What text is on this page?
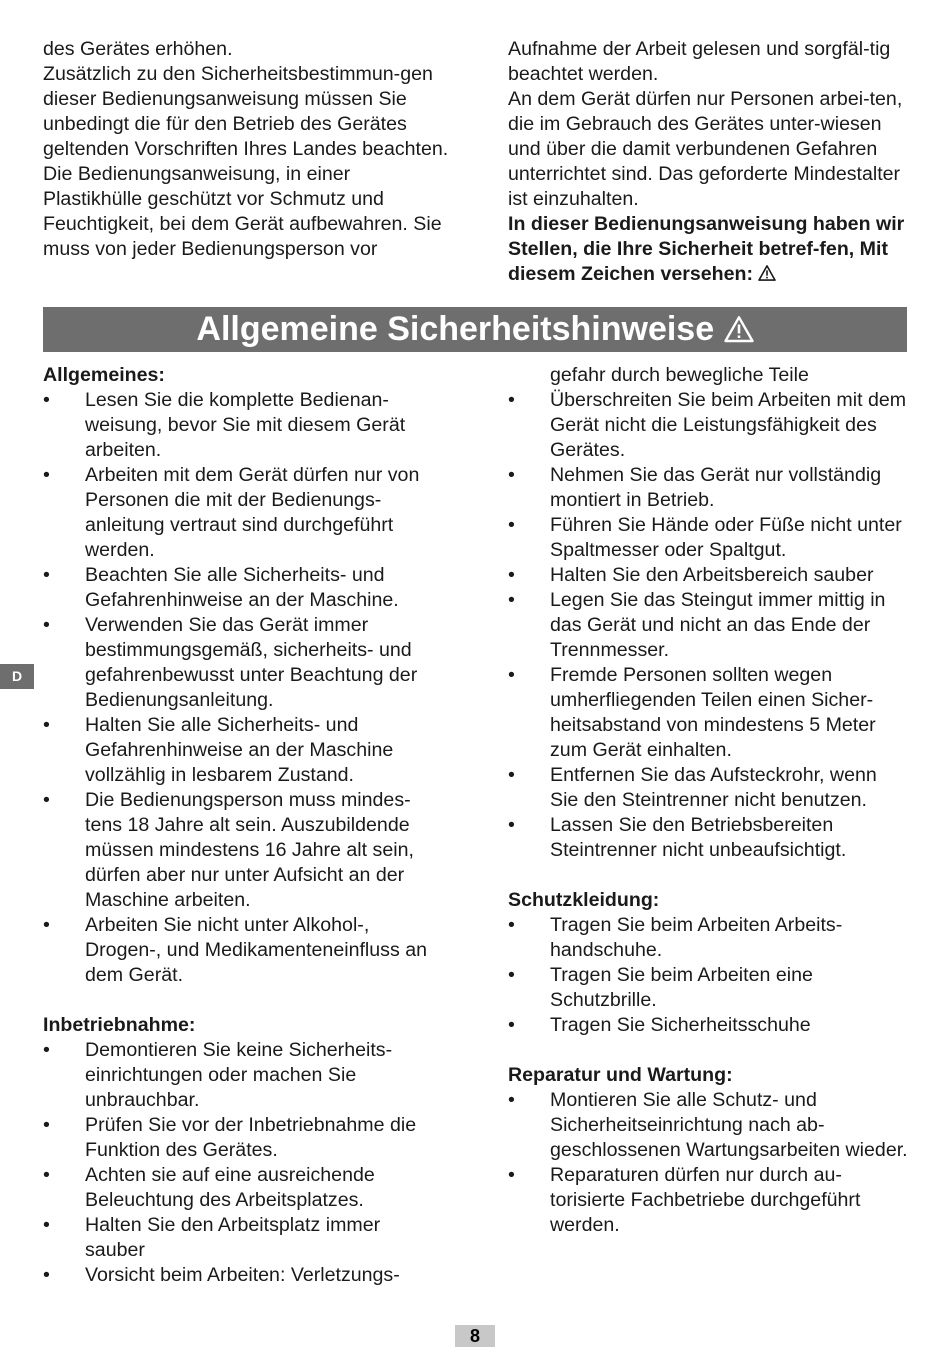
des Gerätes erhöhen.

Zusätzlich zu den Sicherheitsbestimmun-gen dieser Bedienungsanweisung müssen Sie unbedingt die für den Betrieb des Gerätes geltenden Vorschriften Ihres Landes beachten.

Die Bedienungsanweisung, in einer Plastikhülle geschützt vor Schmutz und Feuchtigkeit, bei dem Gerät aufbewahren. Sie muss von jeder Bedienungsperson vor

Aufnahme der Arbeit gelesen und sorgfäl-tig beachtet werden.

An dem Gerät dürfen nur Personen arbei-ten, die im Gebrauch des Gerätes unter-wiesen und über die damit verbundenen Gefahren unterrichtet sind. Das geforderte Mindestalter ist einzuhalten.

In dieser Bedienungsanweisung haben wir Stellen, die Ihre Sicherheit betref-fen, Mit diesem Zeichen versehen:

Allgemeine Sicherheitshinweise
D

Allgemeines:

• Lesen Sie die komplette Bedienan-weisung, bevor Sie mit diesem Gerät arbeiten.
• Arbeiten mit dem Gerät dürfen nur von Personen die mit der Bedienungs-anleitung vertraut sind durchgeführt werden.
• Beachten Sie alle Sicherheits- und Gefahrenhinweise an der Maschine.
• Verwenden Sie das Gerät immer bestimmungsgemäß, sicherheits- und gefahrenbewusst unter Beachtung der Bedienungsanleitung.
• Halten Sie alle Sicherheits- und Gefahrenhinweise an der Maschine vollzählig in lesbarem Zustand.
• Die Bedienungsperson muss mindes-tens 18 Jahre alt sein. Auszubildende müssen mindestens 16 Jahre alt sein, dürfen aber nur unter Aufsicht an der Maschine arbeiten.
• Arbeiten Sie nicht unter Alkohol-, Drogen-, und Medikamenteneinfluss an dem Gerät.

Inbetriebnahme:

• Demontieren Sie keine Sicherheits-einrichtungen oder machen Sie unbrauchbar.
• Prüfen Sie vor der Inbetriebnahme die Funktion des Gerätes.
• Achten sie auf eine ausreichende Beleuchtung des Arbeitsplatzes.
• Halten Sie den Arbeitsplatz immer sauber
• Vorsicht beim Arbeiten: Verletzungs-
gefahr durch bewegliche Teile
• Überschreiten Sie beim Arbeiten mit dem Gerät nicht die Leistungsfähigkeit des Gerätes.
• Nehmen Sie das Gerät nur vollständig montiert in Betrieb.
• Führen Sie Hände oder Füße nicht unter Spaltmesser oder Spaltgut.
• Halten Sie den Arbeitsbereich sauber
• Legen Sie das Steingut immer mittig in das Gerät und nicht an das Ende der Trennmesser.
• Fremde Personen sollten wegen umherfliegenden Teilen einen Sicher-heitsabstand von mindestens 5 Meter zum Gerät einhalten.
• Entfernen Sie das Aufsteckrohr, wenn Sie den Steintrenner nicht benutzen.
• Lassen Sie den Betriebsbereiten Steintrenner nicht unbeaufsichtigt.

Schutzkleidung:

• Tragen Sie beim Arbeiten Arbeits-handschuhe.
• Tragen Sie beim Arbeiten eine Schutzbrille.
• Tragen Sie Sicherheitsschuhe

Reparatur und Wartung:

• Montieren Sie alle Schutz- und Sicherheitseinrichtung nach ab-geschlossenen Wartungsarbeiten wieder.
• Reparaturen dürfen nur durch au-torisierte Fachbetriebe durchgeführt werden.
8
